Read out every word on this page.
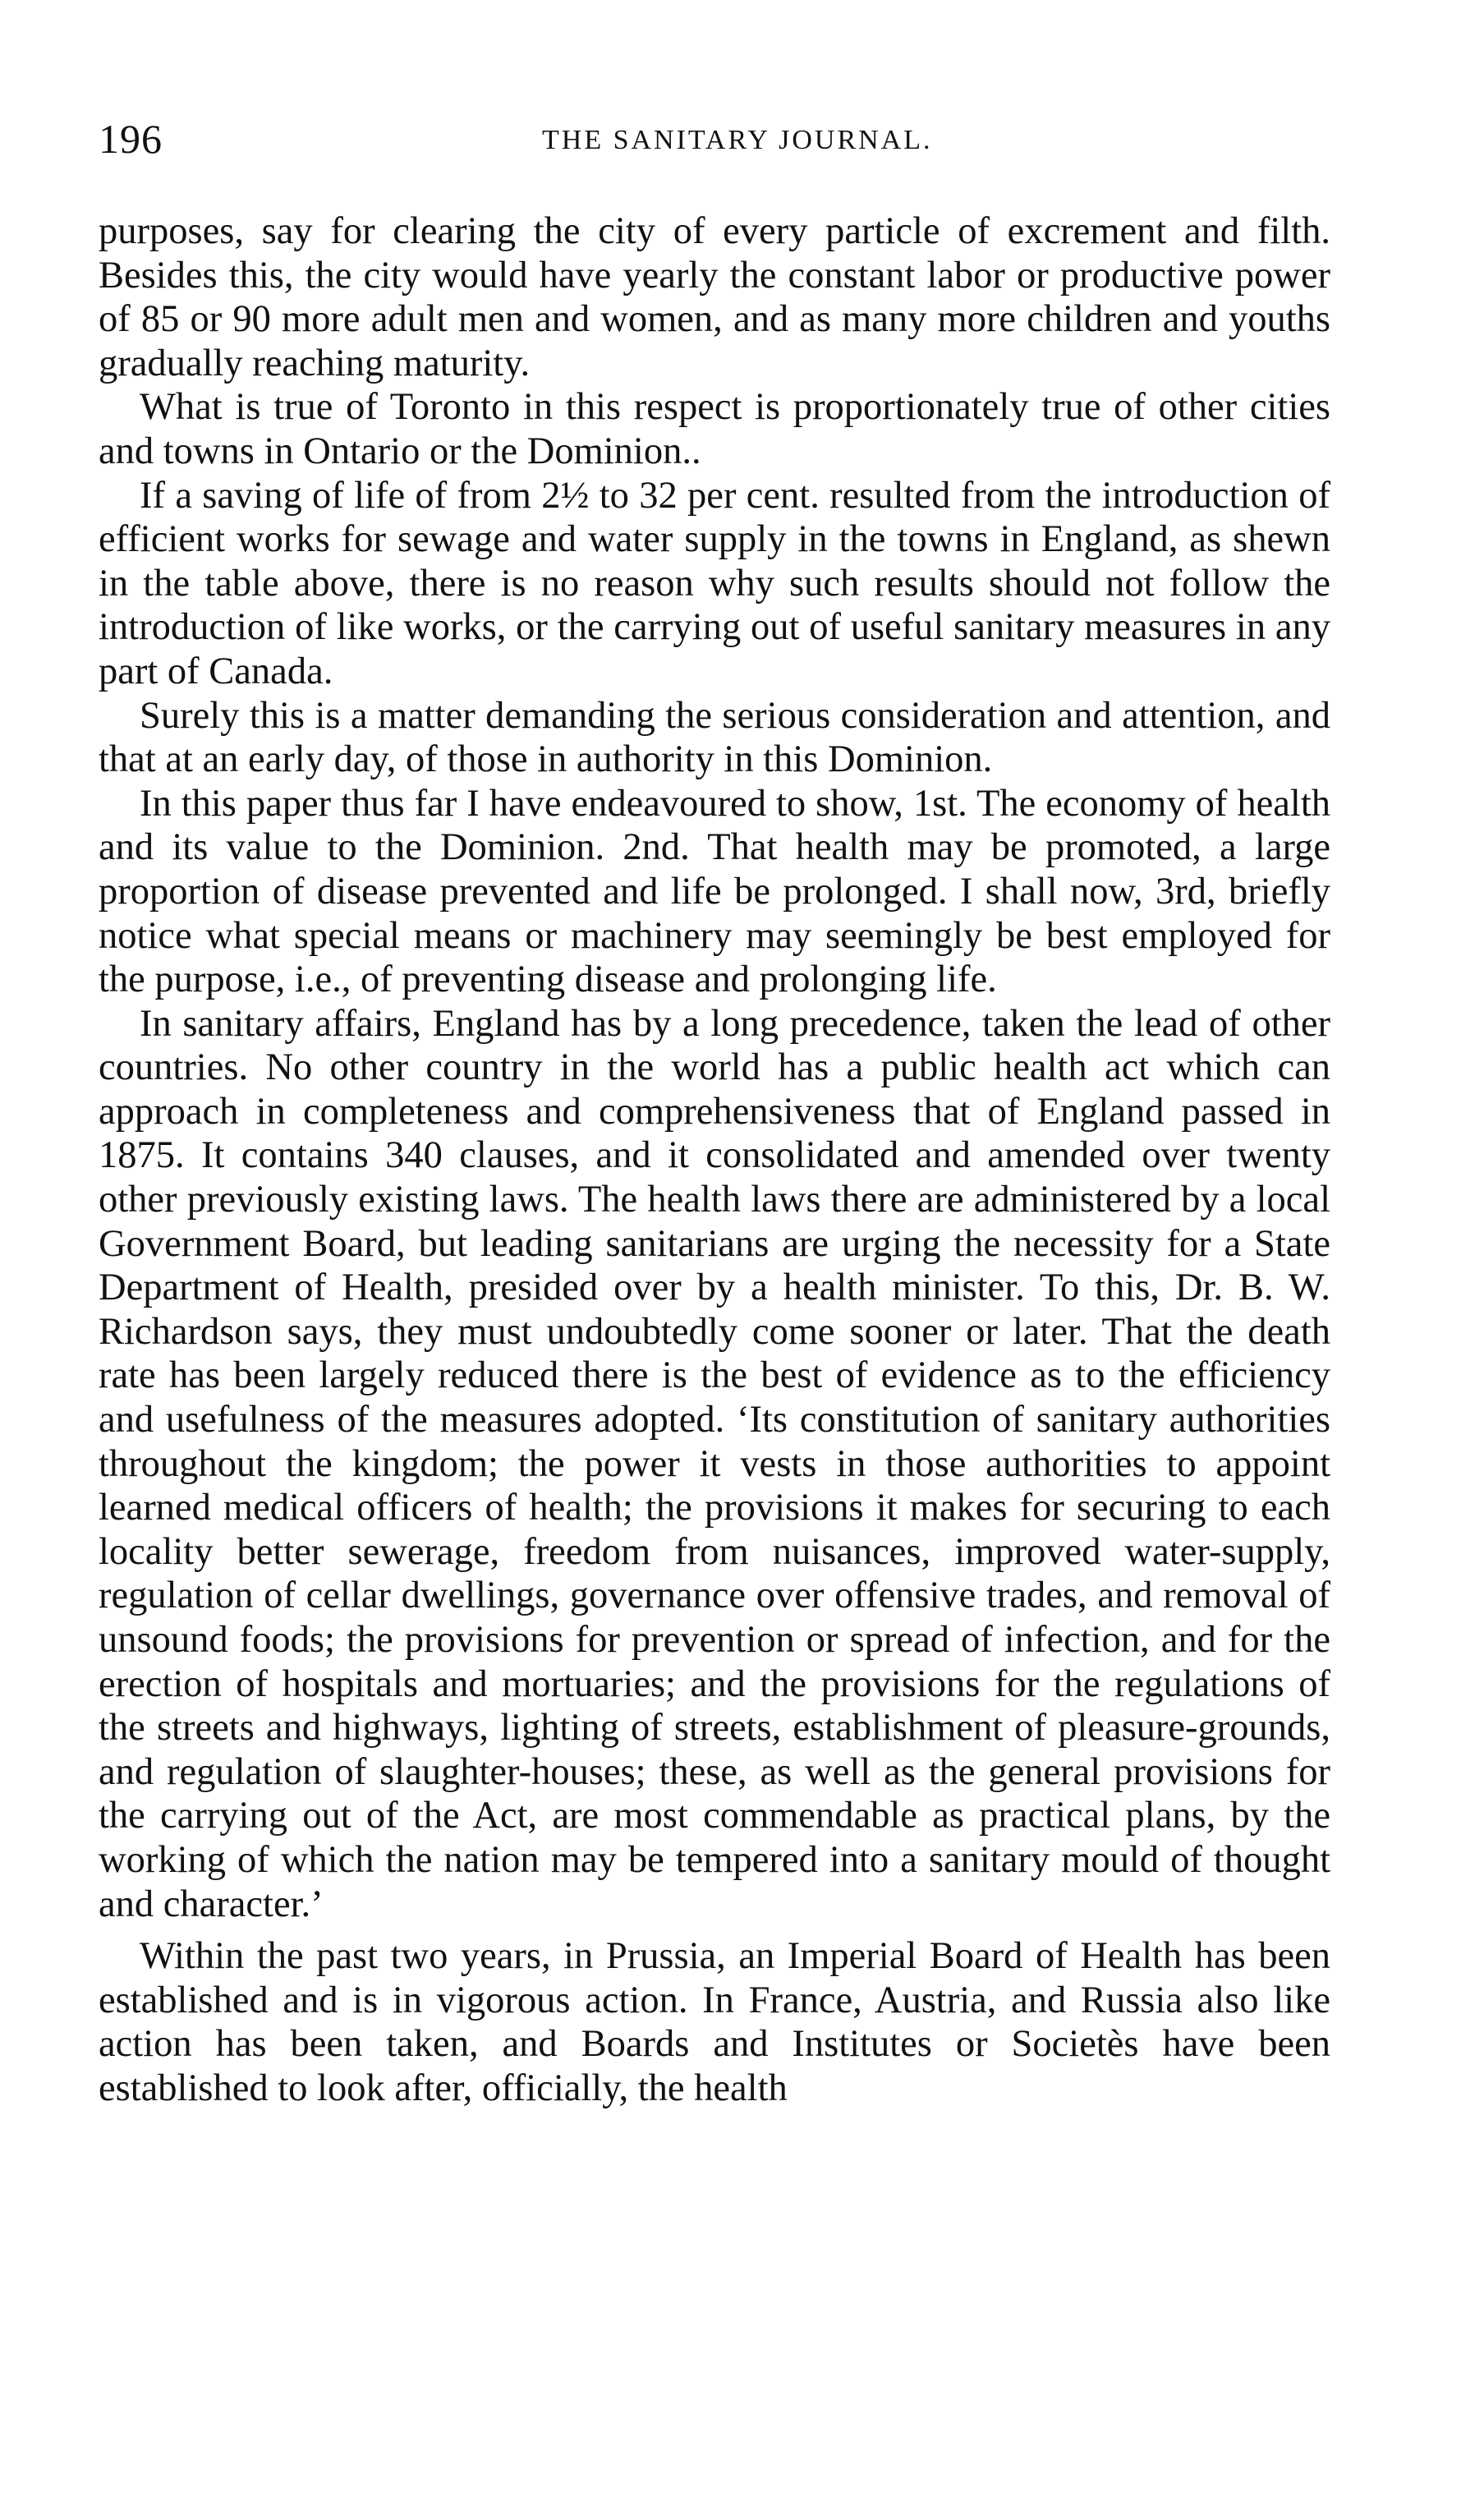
196	THE SANITARY JOURNAL.

purposes, say for clearing the city of every particle of excrement and filth. Besides this, the city would have yearly the constant labor or productive power of 85 or 90 more adult men and women, and as many more children and youths gradually reaching maturity.

What is true of Toronto in this respect is proportionately true of other cities and towns in Ontario or the Dominion..

If a saving of life of from 2½ to 32 per cent. resulted from the introduction of efficient works for sewage and water supply in the towns in England, as shewn in the table above, there is no reason why such results should not follow the introduction of like works, or the carrying out of useful sanitary measures in any part of Canada.

Surely this is a matter demanding the serious consideration and attention, and that at an early day, of those in authority in this Dominion.

In this paper thus far I have endeavoured to show, 1st. The economy of health and its value to the Dominion. 2nd. That health may be promoted, a large proportion of disease prevented and life be prolonged. I shall now, 3rd, briefly notice what special means or machinery may seemingly be best employed for the purpose, i.e., of preventing disease and prolonging life.

In sanitary affairs, England has by a long precedence, taken the lead of other countries. No other country in the world has a public health act which can approach in completeness and comprehensiveness that of England passed in 1875. It contains 340 clauses, and it consolidated and amended over twenty other previously existing laws. The health laws there are administered by a local Government Board, but leading sanitarians are urging the necessity for a State Department of Health, presided over by a health minister. To this, Dr. B. W. Richardson says, they must undoubtedly come sooner or later. That the death rate has been largely reduced there is the best of evidence as to the efficiency and usefulness of the measures adopted. ‘Its constitution of sanitary authorities throughout the kingdom; the power it vests in those authorities to appoint learned medical officers of health; the provisions it makes for securing to each locality better sewerage, freedom from nuisances, improved water-supply, regulation of cellar dwellings, governance over offensive trades, and removal of unsound foods; the provisions for prevention or spread of infection, and for the erection of hospitals and mortuaries; and the provisions for the regulations of the streets and highways, lighting of streets, establishment of pleasure-grounds, and regulation of slaughter-houses; these, as well as the general provisions for the carrying out of the Act, are most commendable as practical plans, by the working of which the nation may be tempered into a sanitary mould of thought and character.’

Within the past two years, in Prussia, an Imperial Board of Health has been established and is in vigorous action. In France, Austria, and Russia also like action has been taken, and Boards and Institutes or Societès have been established to look after, officially, the health
